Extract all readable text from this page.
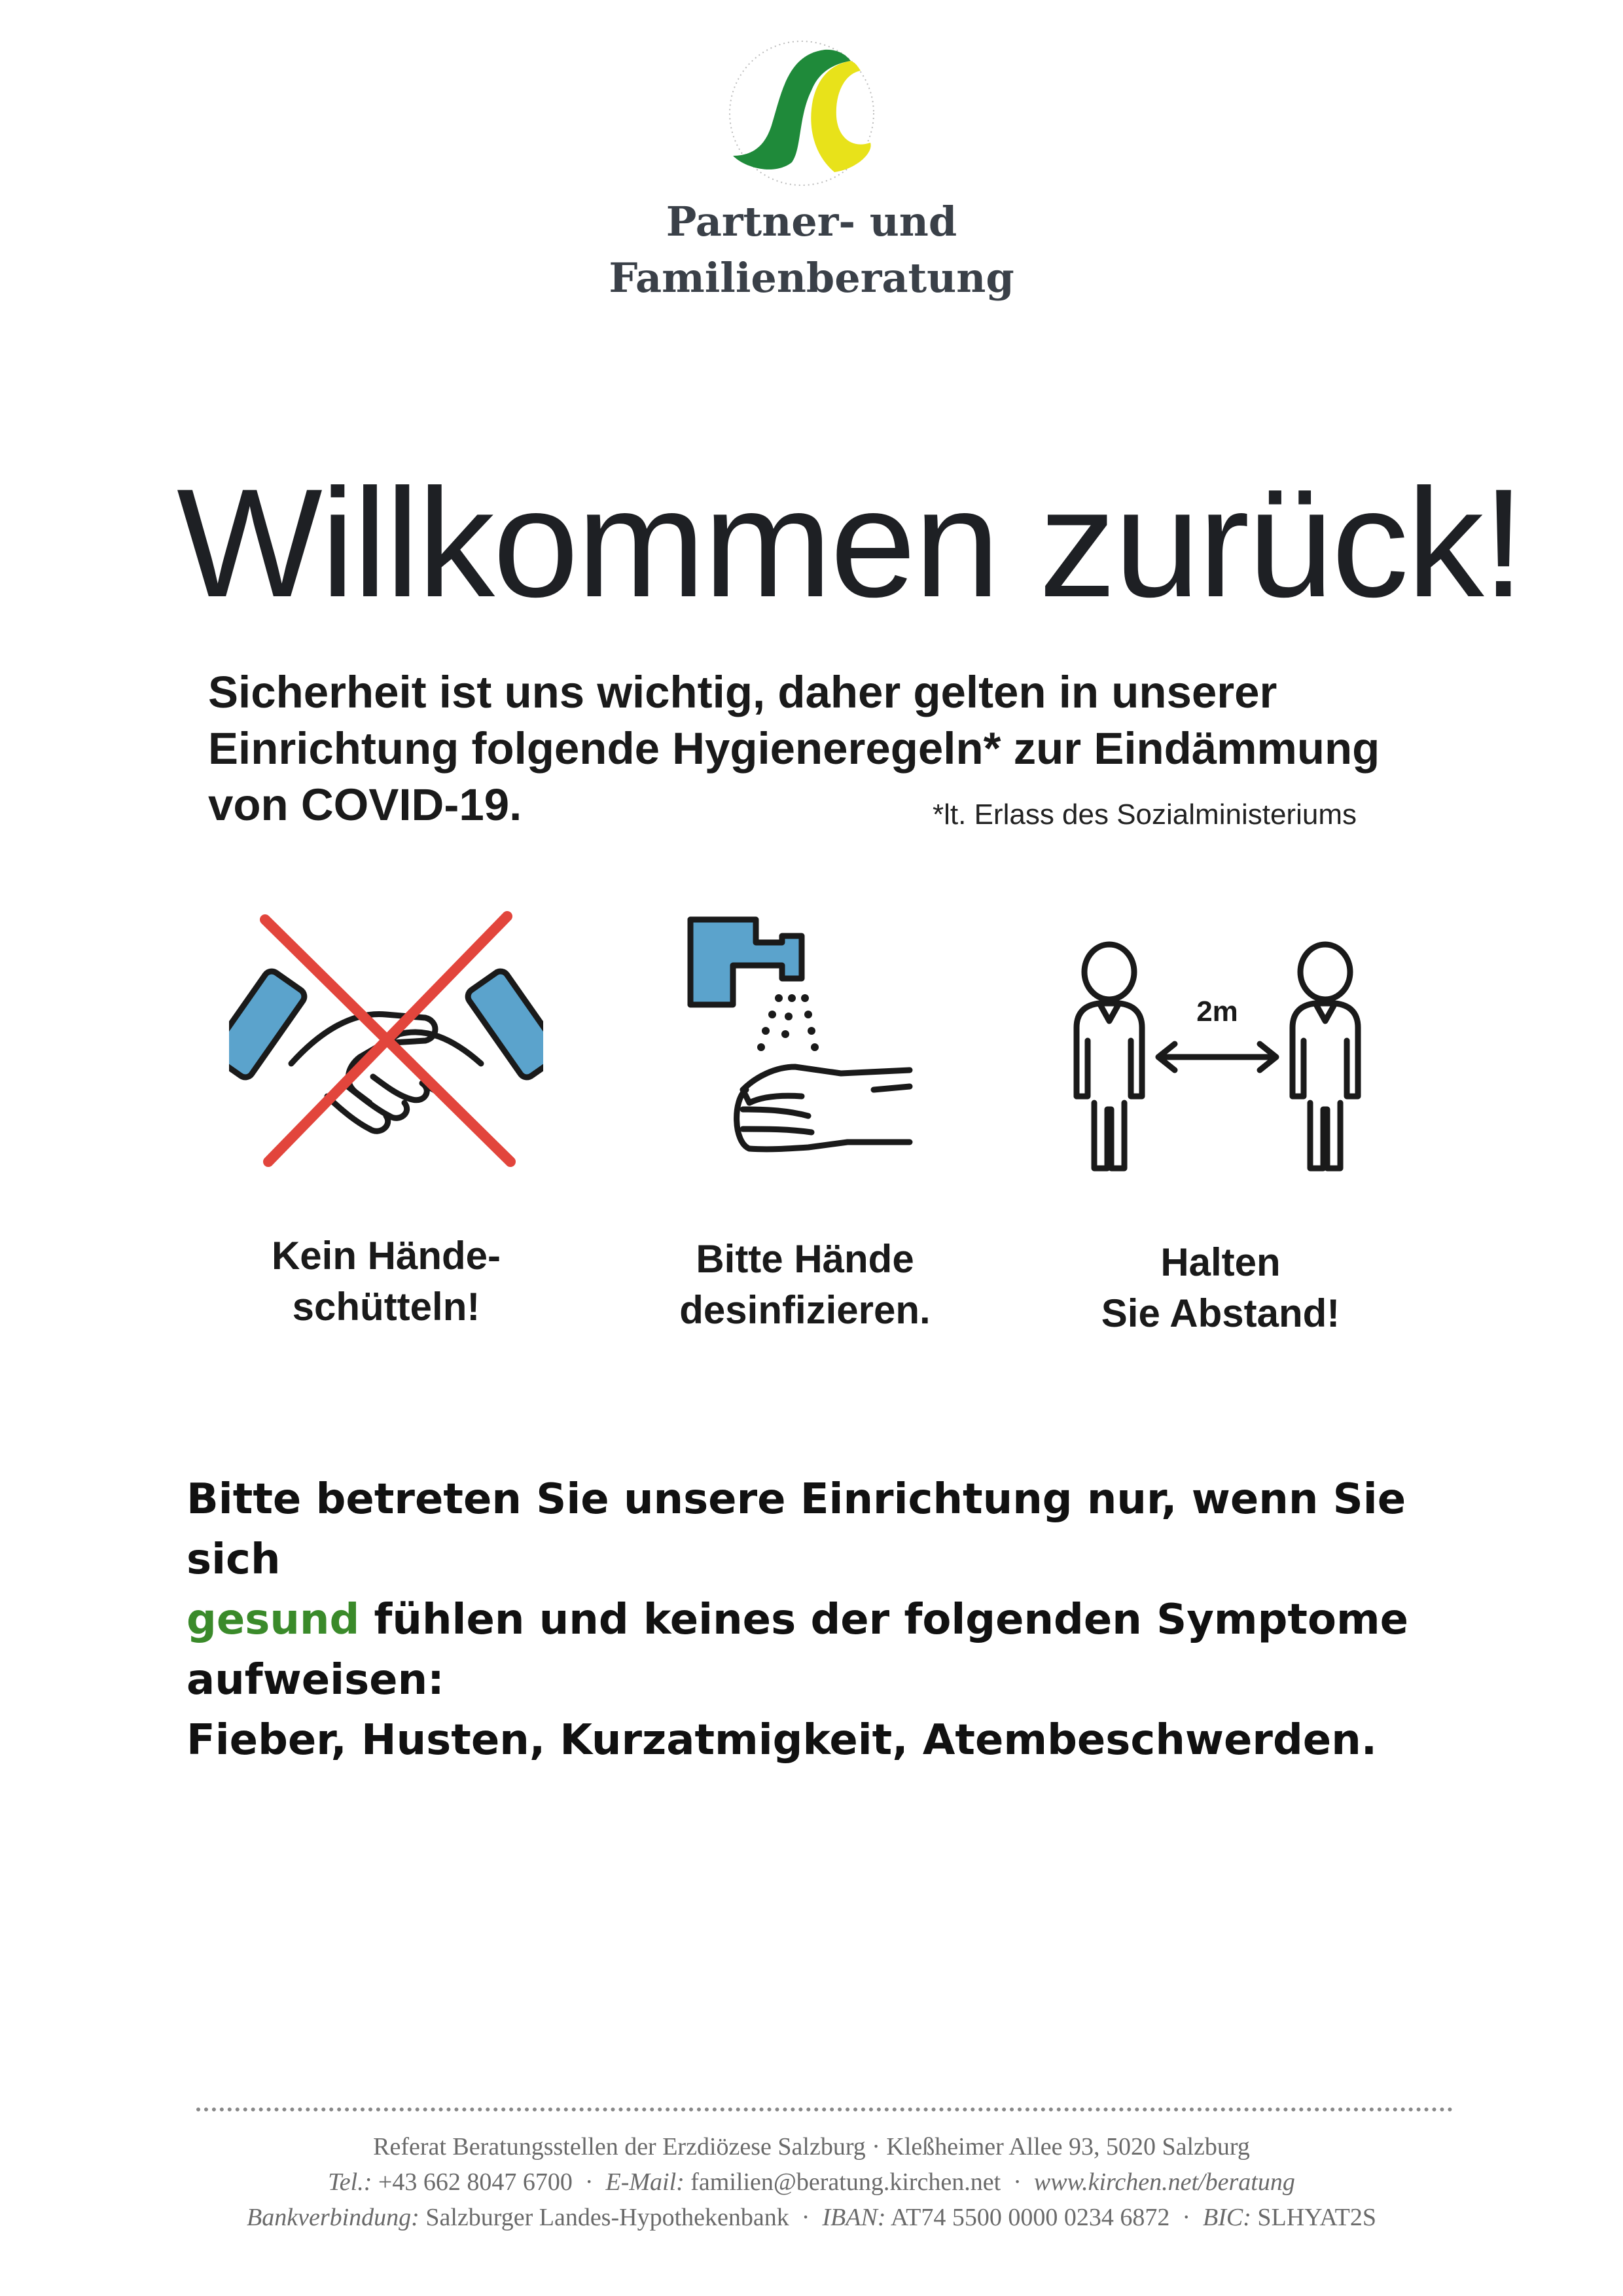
Partner- und
Familienberatung
Willkommen zurück!
Sicherheit ist uns wichtig, daher gelten in unserer Einrichtung folgende Hygieneregeln* zur Eindämmung von COVID-19.	*lt. Erlass des Sozialministeriums
2m
Kein Hände-
schütteln!
Bitte Hände
desinfizieren.
Halten
Sie Abstand!
Bitte betreten Sie unsere Einrichtung nur, wenn Sie sich
gesund fühlen und keines der folgenden Symptome aufweisen:
Fieber, Husten, Kurzatmigkeit, Atembeschwerden.
Referat Beratungsstellen der Erzdiözese Salzburg · Kleßheimer Allee 93, 5020 Salzburg
Tel.: +43 662 8047 6700  ·  E-Mail: familien@beratung.kirchen.net  ·  www.kirchen.net/beratung
Bankverbindung: Salzburger Landes-Hypothekenbank  ·  IBAN: AT74 5500 0000 0234 6872  ·  BIC: SLHYAT2S
